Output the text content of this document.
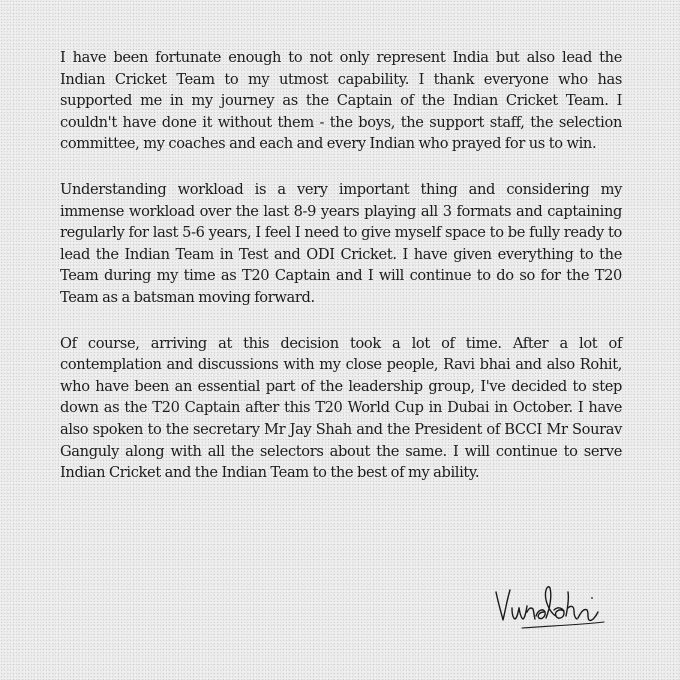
I have been fortunate enough to not only represent India but also lead the Indian Cricket Team to my utmost capability. I thank everyone who has supported me in my journey as the Captain of the Indian Cricket Team. I couldn't have done it without them - the boys, the support staff, the selection committee, my coaches and each and every Indian who prayed for us to win.

Understanding workload is a very important thing and considering my immense workload over the last 8-9 years playing all 3 formats and captaining regularly for last 5-6 years, I feel I need to give myself space to be fully ready to lead the Indian Team in Test and ODI Cricket. I have given everything to the Team during my time as T20 Captain and I will continue to do so for the T20 Team as a batsman moving forward.

Of course, arriving at this decision took a lot of time. After a lot of contemplation and discussions with my close people, Ravi bhai and also Rohit, who have been an essential part of the leadership group, I've decided to step down as the T20 Captain after this T20 World Cup in Dubai in October. I have also spoken to the secretary Mr Jay Shah and the President of BCCI Mr Sourav Ganguly along with all the selectors about the same. I will continue to serve Indian Cricket and the Indian Team to the best of my ability.
